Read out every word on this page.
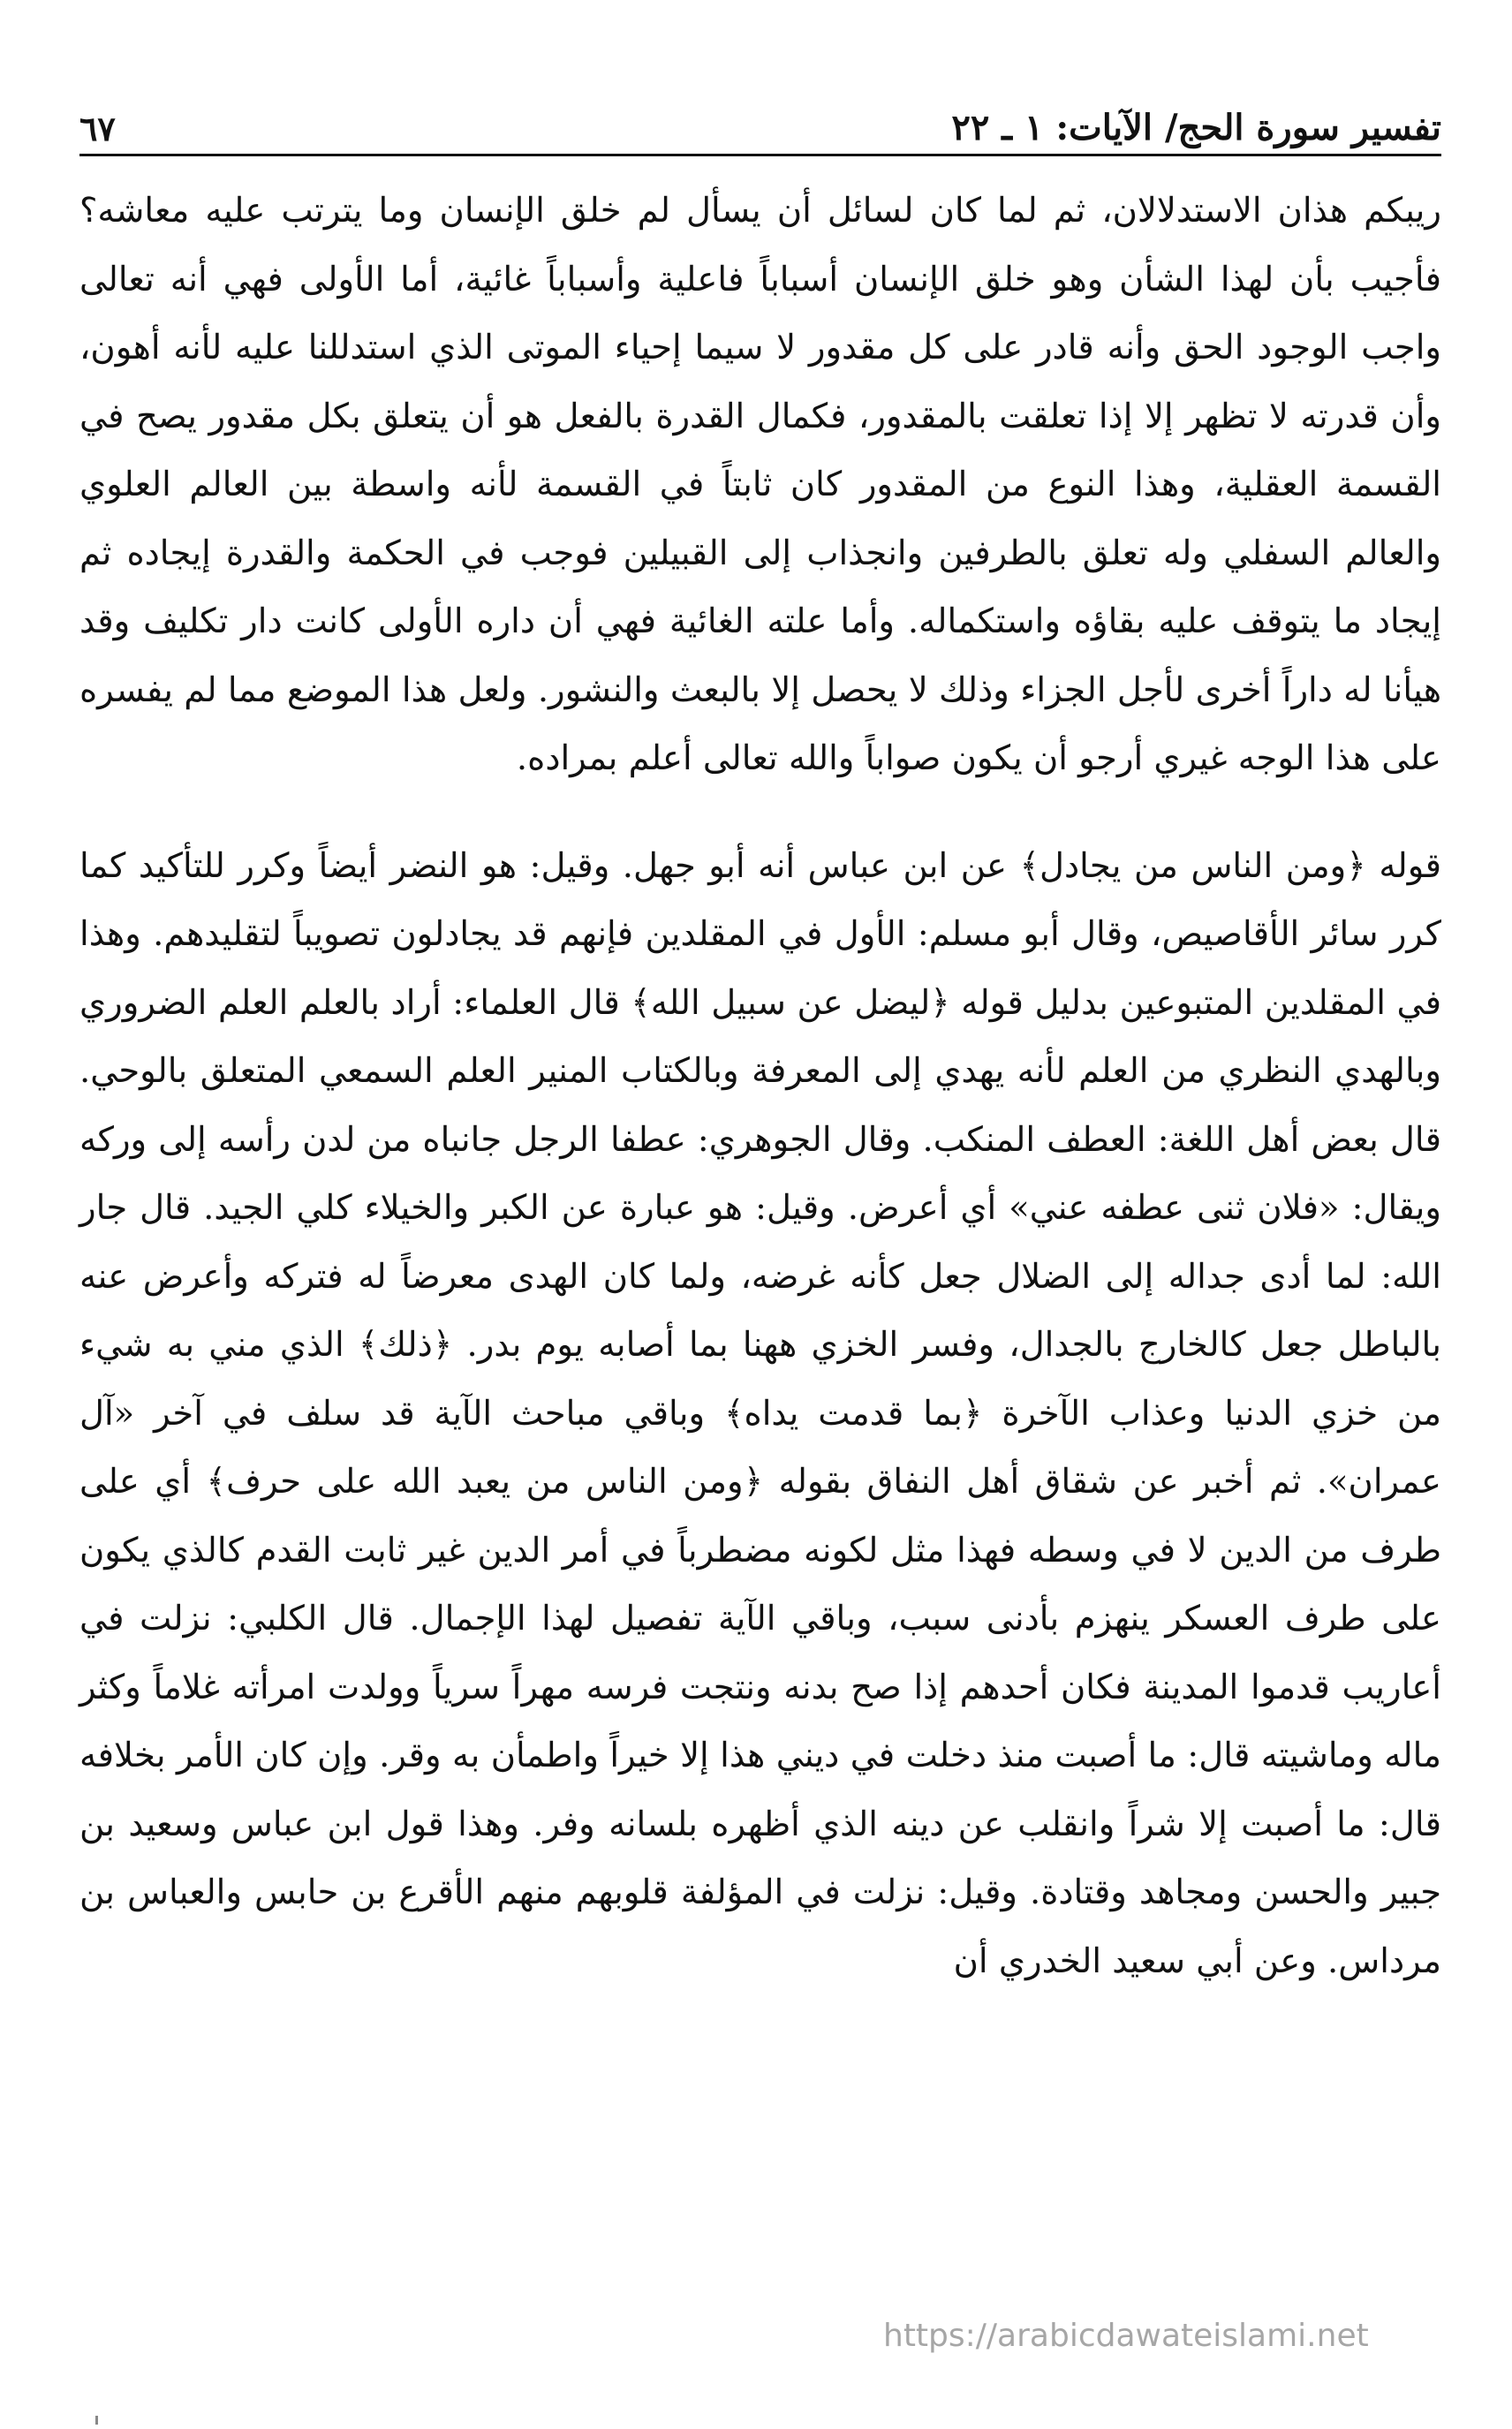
تفسير سورة الحج/ الآيات: ١ ـ ٢٢
٦٧

ريبكم هذان الاستدلالان، ثم لما كان لسائل أن يسأل لم خلق الإنسان وما يترتب عليه معاشه؟ فأجيب بأن لهذا الشأن وهو خلق الإنسان أسباباً فاعلية وأسباباً غائية، أما الأولى فهي أنه تعالى واجب الوجود الحق وأنه قادر على كل مقدور لا سيما إحياء الموتى الذي استدللنا عليه لأنه أهون، وأن قدرته لا تظهر إلا إذا تعلقت بالمقدور، فكمال القدرة بالفعل هو أن يتعلق بكل مقدور يصح في القسمة العقلية، وهذا النوع من المقدور كان ثابتاً في القسمة لأنه واسطة بين العالم العلوي والعالم السفلي وله تعلق بالطرفين وانجذاب إلى القبيلين فوجب في الحكمة والقدرة إيجاده ثم إيجاد ما يتوقف عليه بقاؤه واستكماله. وأما علته الغائية فهي أن داره الأولى كانت دار تكليف وقد هيأنا له داراً أخرى لأجل الجزاء وذلك لا يحصل إلا بالبعث والنشور. ولعل هذا الموضع مما لم يفسره على هذا الوجه غيري أرجو أن يكون صواباً والله تعالى أعلم بمراده.

قوله ﴿ومن الناس من يجادل﴾ عن ابن عباس أنه أبو جهل. وقيل: هو النضر أيضاً وكرر للتأكيد كما كرر سائر الأقاصيص، وقال أبو مسلم: الأول في المقلدين فإنهم قد يجادلون تصويباً لتقليدهم. وهذا في المقلدين المتبوعين بدليل قوله ﴿ليضل عن سبيل الله﴾ قال العلماء: أراد بالعلم العلم الضروري وبالهدي النظري من العلم لأنه يهدي إلى المعرفة وبالكتاب المنير العلم السمعي المتعلق بالوحي. قال بعض أهل اللغة: العطف المنكب. وقال الجوهري: عطفا الرجل جانباه من لدن رأسه إلى وركه ويقال: «فلان ثنى عطفه عني» أي أعرض. وقيل: هو عبارة عن الكبر والخيلاء كلي الجيد. قال جار الله: لما أدى جداله إلى الضلال جعل كأنه غرضه، ولما كان الهدى معرضاً له فتركه وأعرض عنه بالباطل جعل كالخارج بالجدال، وفسر الخزي ههنا بما أصابه يوم بدر. ﴿ذلك﴾ الذي مني به شيء من خزي الدنيا وعذاب الآخرة ﴿بما قدمت يداه﴾ وباقي مباحث الآية قد سلف في آخر «آل عمران». ثم أخبر عن شقاق أهل النفاق بقوله ﴿ومن الناس من يعبد الله على حرف﴾ أي على طرف من الدين لا في وسطه فهذا مثل لكونه مضطرباً في أمر الدين غير ثابت القدم كالذي يكون على طرف العسكر ينهزم بأدنى سبب، وباقي الآية تفصيل لهذا الإجمال. قال الكلبي: نزلت في أعاريب قدموا المدينة فكان أحدهم إذا صح بدنه ونتجت فرسه مهراً سرياً وولدت امرأته غلاماً وكثر ماله وماشيته قال: ما أصبت منذ دخلت في ديني هذا إلا خيراً واطمأن به وقر. وإن كان الأمر بخلافه قال: ما أصبت إلا شراً وانقلب عن دينه الذي أظهره بلسانه وفر. وهذا قول ابن عباس وسعيد بن جبير والحسن ومجاهد وقتادة. وقيل: نزلت في المؤلفة قلوبهم منهم الأقرع بن حابس والعباس بن مرداس. وعن أبي سعيد الخدري أن

https://arabicdawateislami.net
